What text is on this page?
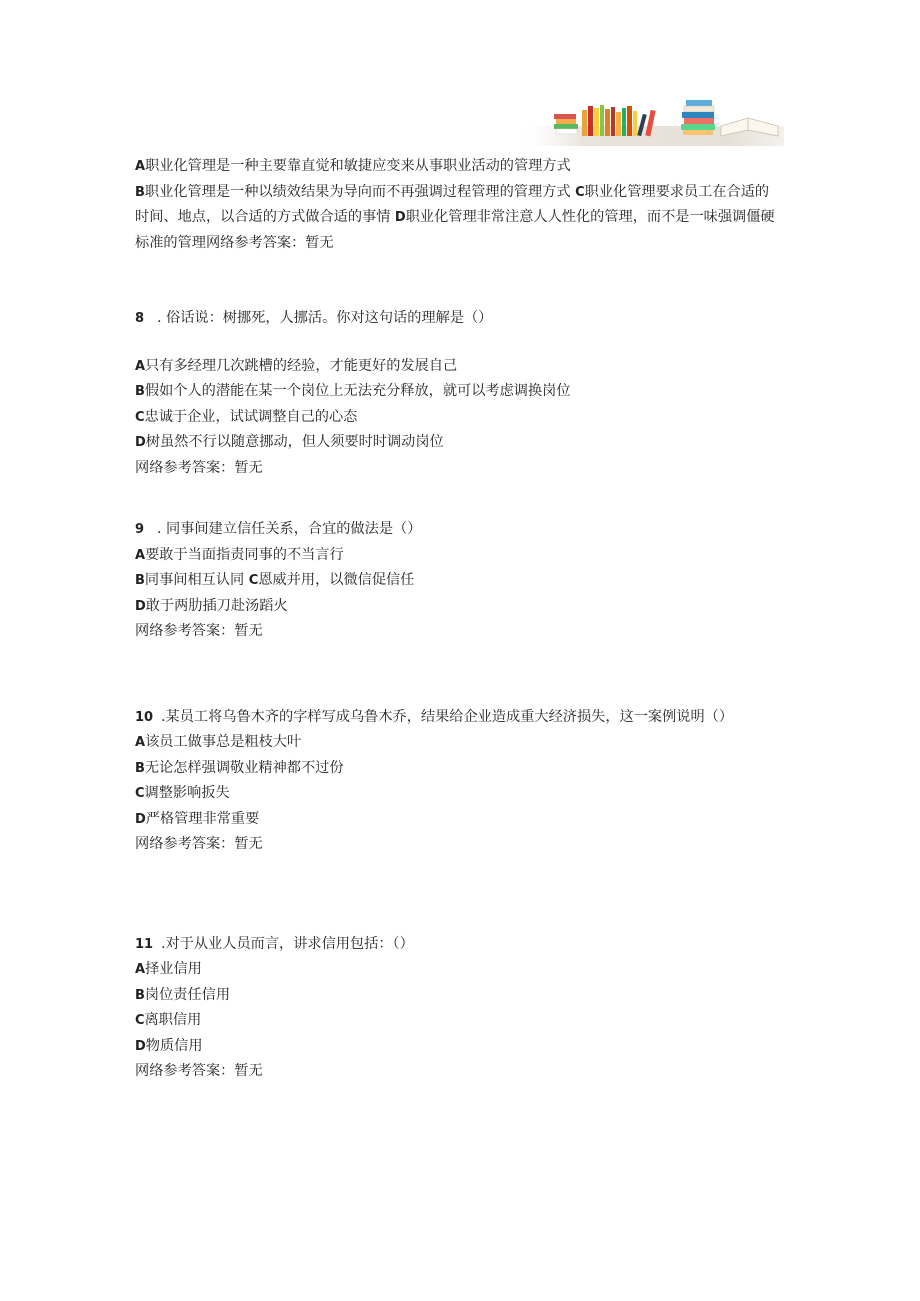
A职业化管理是一种主要靠直觉和敏捷应变来从事职业活动的管理方式
B职业化管理是一种以绩效结果为导向而不再强调过程管理的管理方式 C职业化管理要求员工在合适的时间、地点，以合适的方式做合适的事情 D职业化管理非常注意人人性化的管理，而不是一味强调僵硬标准的管理网络参考答案：暂无
8 . 俗话说：树挪死，人挪活。你对这句话的理解是（）
A只有多经理几次跳槽的经验，才能更好的发展自己
B假如个人的潜能在某一个岗位上无法充分释放，就可以考虑调换岗位
C忠诚于企业，试试调整自己的心态
D树虽然不行以随意挪动，但人须要时时调动岗位
网络参考答案：暂无
9 . 同事间建立信任关系，合宜的做法是（）
A要敢于当面指责同事的不当言行
B同事间相互认同 C恩威并用，以微信促信任
D敢于两肋插刀赴汤蹈火
网络参考答案：暂无
10 .某员工将乌鲁木齐的字样写成乌鲁木乔，结果给企业造成重大经济损失，这一案例说明（）
A该员工做事总是粗枝大叶
B无论怎样强调敬业精神都不过份
C调整影响扳失
D严格管理非常重要
网络参考答案：暂无
11 .对于从业人员而言，讲求信用包括：（）
A择业信用
B岗位责任信用
C离职信用
D物质信用
网络参考答案：暂无
